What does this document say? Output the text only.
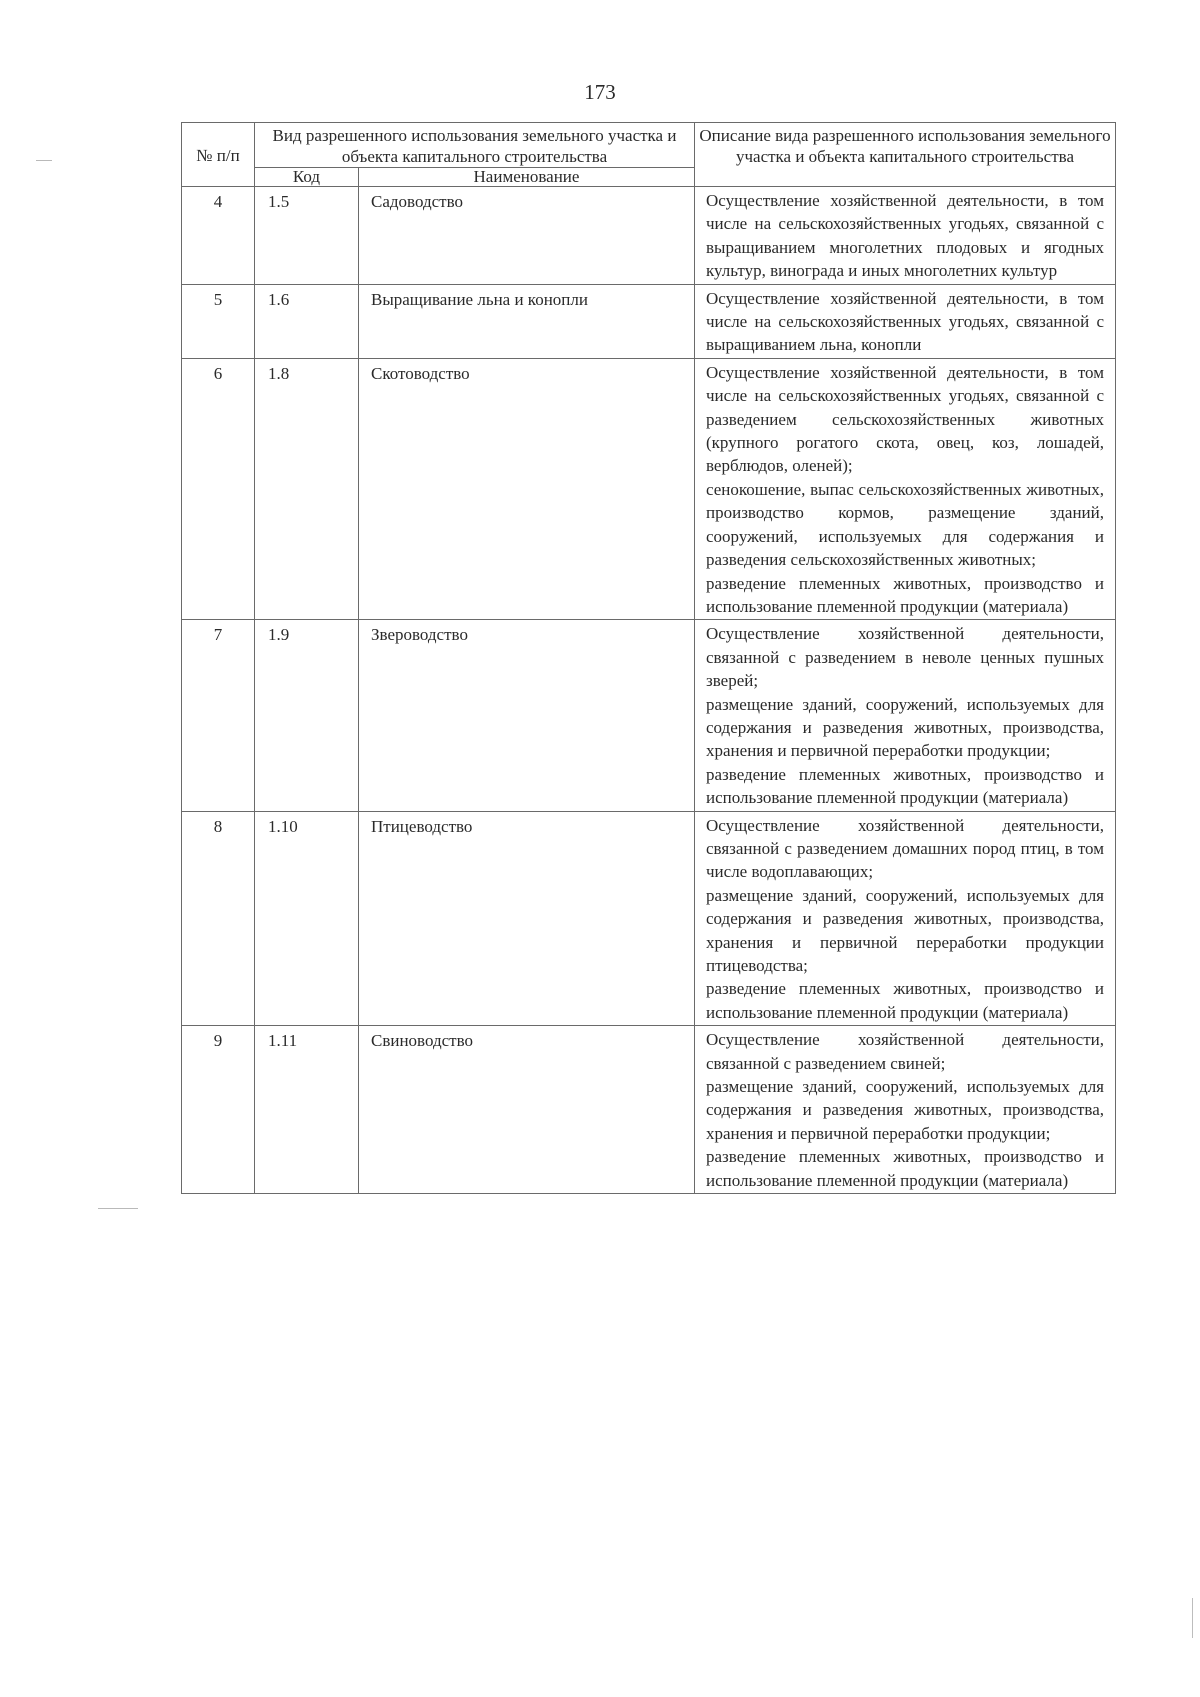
173
№ п/п	Вид разрешенного использования земельного участка и объекта капитального строительства		Описание вида разрешенного использования земельного участка и объекта капитального строительства
	Код	Наименование	
4	1.5	Садоводство	Осуществление хозяйственной деятельности, в том числе на сельскохозяйственных угодьях, связанной с выращиванием многолетних плодовых и ягодных культур, винограда и иных многолетних культур

5	1.6	Выращивание льна и конопли	Осуществление хозяйственной деятельности, в том числе на сельскохозяйственных угодьях, связанной с выращиванием льна, конопли

6	1.8	Скотоводство	Осуществление хозяйственной деятельности, в том числе на сельскохозяйственных угодьях, связанной с разведением сельскохозяйственных животных (крупного рогатого скота, овец, коз, лошадей, верблюдов, оленей);

сенокошение, выпас сельскохозяйственных животных, производство кормов, размещение зданий, сооружений, используемых для содержания и разведения сельскохозяйственных животных;

разведение племенных животных, производство и использование племенной продукции (материала)

7	1.9	Звероводство	Осуществление хозяйственной деятельности, связанной с разведением в неволе ценных пушных зверей;

размещение зданий, сооружений, используемых для содержания и разведения животных, производства, хранения и первичной переработки продукции;

разведение племенных животных, производство и использование племенной продукции (материала)

8	1.10	Птицеводство	Осуществление хозяйственной деятельности, связанной с разведением домашних пород птиц, в том числе водоплавающих;

размещение зданий, сооружений, используемых для содержания и разведения животных, производства, хранения и первичной переработки продукции птицеводства;

разведение племенных животных, производство и использование племенной продукции (материала)

9	1.11	Свиноводство	Осуществление хозяйственной деятельности, связанной с разведением свиней;

размещение зданий, сооружений, используемых для содержания и разведения животных, производства, хранения и первичной переработки продукции;

разведение племенных животных, производство и использование племенной продукции (материала)
